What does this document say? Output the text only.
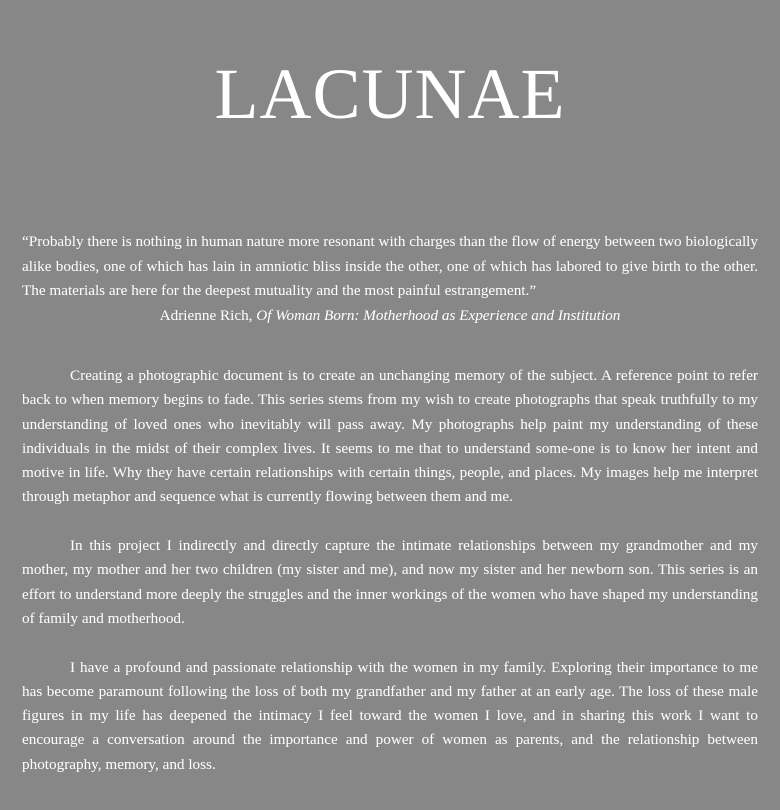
LACUNAE

“Probably there is nothing in human nature more resonant with charges than the flow of energy between two biologically alike bodies, one of which has lain in amniotic bliss inside the other, one of which has labored to give birth to the other. The materials are here for the deepest mutuality and the most painful estrangement.”

Adrienne Rich, Of Woman Born: Motherhood as Experience and Institution

Creating a photographic document is to create an unchanging memory of the subject. A reference point to refer back to when memory begins to fade. This series stems from my wish to create photographs that speak truthfully to my understanding of loved ones who inevitably will pass away. My photographs help paint my understanding of these individuals in the midst of their complex lives. It seems to me that to understand some-one is to know her intent and motive in life. Why they have certain relationships with certain things, people, and places. My images help me interpret through metaphor and sequence what is currently flowing between them and me.

In this project I indirectly and directly capture the intimate relationships between my grandmother and my mother, my mother and her two children (my sister and me), and now my sister and her newborn son. This series is an effort to understand more deeply the struggles and the inner workings of the women who have shaped my understanding of family and motherhood.

I have a profound and passionate relationship with the women in my family. Exploring their importance to me has become paramount following the loss of both my grandfather and my father at an early age. The loss of these male figures in my life has deepened the intimacy I feel toward the women I love, and in sharing this work I want to encourage a conversation around the importance and power of women as parents, and the relationship between photography, memory, and loss.
